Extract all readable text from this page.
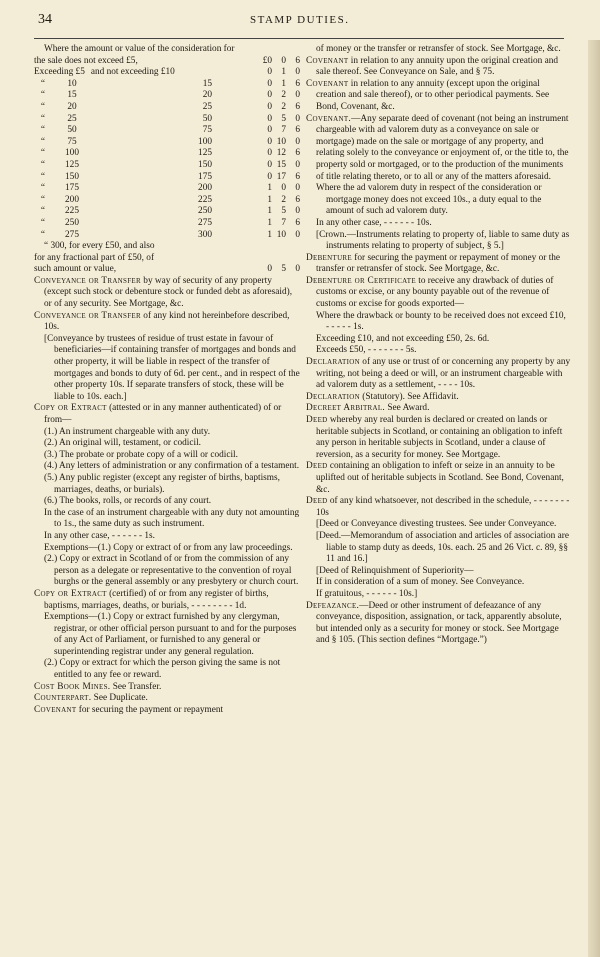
34	STAMP DUTIES.

Where the amount or value of the consideration for

the sale does not exceed £5,	£0	0	6
Exceeding £5 and not exceeding £10	0	1	0
“ 10	15	0	1	6
“ 15	20	0	2	0
“ 20	25	0	2	6
“ 25	50	0	5	0
“ 50	75	0	7	6
“ 75	100	0 10	0
“ 100	125	0 12	6
“ 125	150	0 15	0
“ 150	175	0 17	6
“ 175	200	1	0	0
“ 200	225	1	2	6
“ 225	250	1	5	0
“ 250	275	1	7	6
“ 275	300	1 10	0

“ 300, for every £50, and also

for any fractional part of £50, of

such amount or value,	0	5	0

Conveyance or Transfer by way of security of any property (except such stock or debenture stock or funded debt as aforesaid), or of any security. See Mortgage, &c.

Conveyance or Transfer of any kind not hereinbefore described, 10s.

[Conveyance by trustees of residue of trust estate in favour of beneficiaries—if containing transfer of mortgages and bonds and other property, it will be liable in respect of the transfer of mortgages and bonds to duty of 6d. per cent., and in respect of the other property 10s. If separate transfers of stock, these will be liable to 10s. each.]

Copy or Extract (attested or in any manner authenticated) of or from—

(1.) An instrument chargeable with any duty.

(2.) An original will, testament, or codicil.

(3.) The probate or probate copy of a will or codicil.

(4.) Any letters of administration or any confirmation of a testament.

(5.) Any public register (except any register of births, baptisms, marriages, deaths, or burials).

(6.) The books, rolls, or records of any court.

In the case of an instrument chargeable with any duty not amounting to 1s., the same duty as such instrument.

In any other case, - - - - - - 1s.

Exemptions—(1.) Copy or extract of or from any law proceedings.

(2.) Copy or extract in Scotland of or from the commission of any person as a delegate or representative to the convention of royal burghs or the general assembly or any presbytery or church court.

Copy or Extract (certified) of or from any register of births, baptisms, marriages, deaths, or burials, - - - - - - - - 1d.

Exemptions—(1.) Copy or extract furnished by any clergyman, registrar, or other official person pursuant to and for the purposes of any Act of Parliament, or furnished to any general or superintending registrar under any general regulation.

(2.) Copy or extract for which the person giving the same is not entitled to any fee or reward.

Cost Book Mines. See Transfer.

Counterpart. See Duplicate.

Covenant for securing the payment or repayment

of money or the transfer or retransfer of stock. See Mortgage, &c.

Covenant in relation to any annuity upon the original creation and sale thereof. See Conveyance on Sale, and § 75.

Covenant in relation to any annuity (except upon the original creation and sale thereof), or to other periodical payments. See Bond, Covenant, &c.

Covenant.—Any separate deed of covenant (not being an instrument chargeable with ad valorem duty as a conveyance on sale or mortgage) made on the sale or mortgage of any property, and relating solely to the conveyance or enjoyment of, or the title to, the property sold or mortgaged, or to the production of the muniments of title relating thereto, or to all or any of the matters aforesaid.

Where the ad valorem duty in respect of the consideration or mortgage money does not exceed 10s., a duty equal to the amount of such ad valorem duty.

In any other case, - - - - - - 10s.

[Crown.—Instruments relating to property of, liable to same duty as instruments relating to property of subject, § 5.]

Debenture for securing the payment or repayment of money or the transfer or retransfer of stock. See Mortgage, &c.

Debenture or Certificate to receive any drawback of duties of customs or excise, or any bounty payable out of the revenue of customs or excise for goods exported—

Where the drawback or bounty to be received does not exceed £10, - - - - - 1s.

Exceeding £10, and not exceeding £50, 2s. 6d.

Exceeds £50, - - - - - - - 5s.

Declaration of any use or trust of or concerning any property by any writing, not being a deed or will, or an instrument chargeable with ad valorem duty as a settlement, - - - - 10s.

Declaration (Statutory). See Affidavit.

Decreet Arbitral. See Award.

Deed whereby any real burden is declared or created on lands or heritable subjects in Scotland, or containing an obligation to infeft any person in heritable subjects in Scotland, under a clause of reversion, as a security for money. See Mortgage.

Deed containing an obligation to infeft or seize in an annuity to be uplifted out of heritable subjects in Scotland. See Bond, Covenant, &c.

Deed of any kind whatsoever, not described in the schedule, - - - - - - - 10s

[Deed or Conveyance divesting trustees. See under Conveyance.

[Deed.—Memorandum of association and articles of association are liable to stamp duty as deeds, 10s. each. 25 and 26 Vict. c. 89, §§ 11 and 16.]

[Deed of Relinquishment of Superiority—

If in consideration of a sum of money. See Conveyance.

If gratuitous, - - - - - - 10s.]

Defeazance.—Deed or other instrument of defeazance of any conveyance, disposition, assignation, or tack, apparently absolute, but intended only as a security for money or stock. See Mortgage and § 105. (This section defines “Mortgage.”)
